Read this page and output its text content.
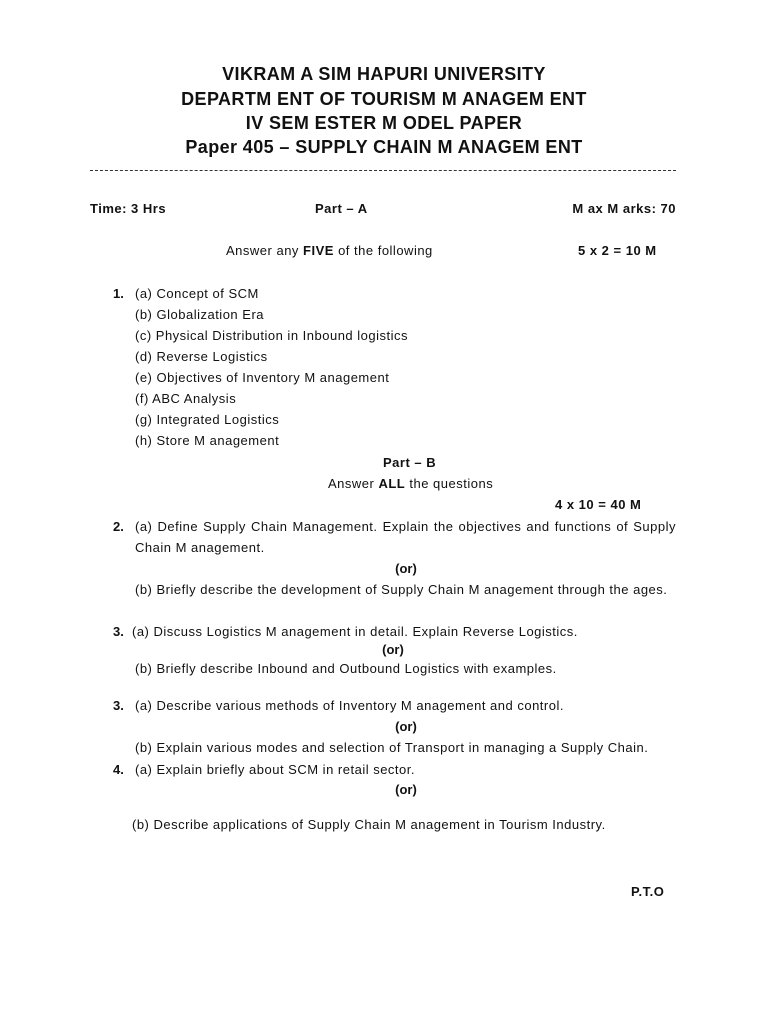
VIKRAM A SIM HAPURI UNIVERSITY
DEPARTM ENT OF TOURISM M ANAGEM ENT
IV SEM ESTER M ODEL PAPER
Paper 405 – SUPPLY CHAIN M ANAGEM ENT
Time: 3 Hrs	Part – A	M ax M arks: 70
Answer any FIVE of the following	5 x 2 = 10 M
1. (a) Concept of SCM
(b) Globalization Era
(c) Physical Distribution in Inbound logistics
(d) Reverse Logistics
(e) Objectives of Inventory M anagement
(f) ABC Analysis
(g) Integrated Logistics
(h) Store M anagement
Part – B
Answer ALL the questions
4 x 10 = 40 M
2. (a) Define Supply Chain Management. Explain the objectives and functions of Supply
Chain M anagement.
(or)
(b) Briefly describe the development of Supply Chain M anagement through the ages.
3. (a) Discuss Logistics M anagement in detail. Explain Reverse Logistics.
(or)
(b) Briefly describe Inbound and Outbound Logistics with examples.
3. (a) Describe various methods of Inventory M anagement and control.
(or)
(b) Explain various modes and selection of Transport in managing a Supply Chain.
4. (a) Explain briefly about SCM in retail sector.
(or)
(b) Describe applications of Supply Chain M anagement in Tourism Industry.
P.T.O
